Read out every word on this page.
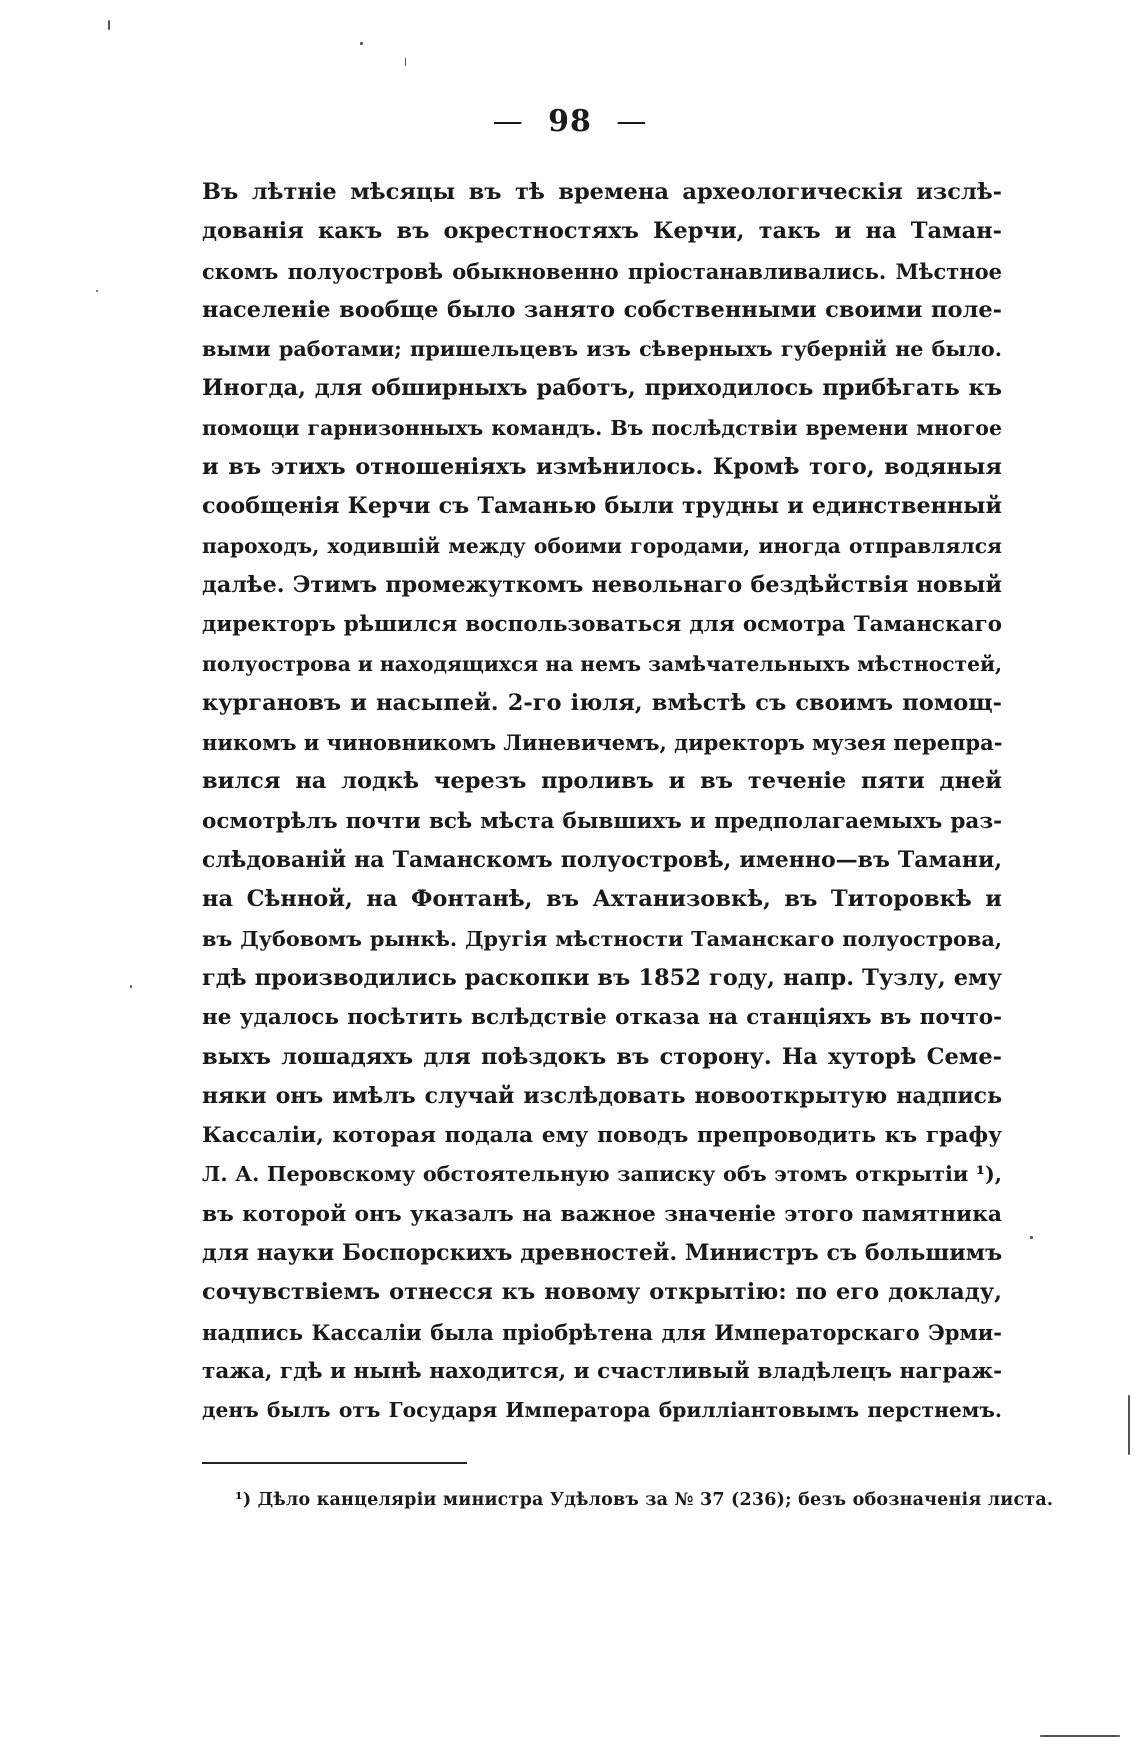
— 98 —
Въ лѣтніе мѣсяцы въ тѣ времена археологическія изслѣ-
дованія какъ въ окрестностяхъ Керчи, такъ и на Таман-
скомъ полуостровѣ обыкновенно пріостанавливались. Мѣстное
населеніе вообще было занято собственными своими поле-
выми работами; пришельцевъ изъ сѣверныхъ губерній не было.
Иногда, для обширныхъ работъ, приходилось прибѣгать къ
помощи гарнизонныхъ командъ. Въ послѣдствіи времени многое
и въ этихъ отношеніяхъ измѣнилось. Кромѣ того, водяныя
сообщенія Керчи съ Таманью были трудны и единственный
пароходъ, ходившій между обоими городами, иногда отправлялся
далѣе. Этимъ промежуткомъ невольнаго бездѣйствія новый
директоръ рѣшился воспользоваться для осмотра Таманскаго
полуострова и находящихся на немъ замѣчательныхъ мѣстностей,
кургановъ и насыпей. 2-го іюля, вмѣстѣ съ своимъ помощ-
никомъ и чиновникомъ Линевичемъ, директоръ музея перепра-
вился на лодкѣ черезъ проливъ и въ теченіе пяти дней
осмотрѣлъ почти всѣ мѣста бывшихъ и предполагаемыхъ раз-
слѣдованій на Таманскомъ полуостровѣ, именно—въ Тамани,
на Сѣнной, на Фонтанѣ, въ Ахтанизовкѣ, въ Титоровкѣ и
въ Дубовомъ рынкѣ. Другія мѣстности Таманскаго полуострова,
гдѣ производились раскопки въ 1852 году, напр. Тузлу, ему
не удалось посѣтить вслѣдствіе отказа на станціяхъ въ почто-
выхъ лошадяхъ для поѣздокъ въ сторону. На хуторѣ Семе-
няки онъ имѣлъ случай изслѣдовать новооткрытую надпись
Кассаліи, которая подала ему поводъ препроводить къ графу
Л. А. Перовскому обстоятельную записку объ этомъ открытіи ¹),
въ которой онъ указалъ на важное значеніе этого памятника
для науки Боспорскихъ древностей. Министръ съ большимъ
сочувствіемъ отнесся къ новому открытію: по его докладу,
надпись Кассаліи была пріобрѣтена для Императорскаго Эрми-
тажа, гдѣ и нынѣ находится, и счастливый владѣлецъ награж-
денъ былъ отъ Государя Императора бриллiантовымъ перстнемъ.
¹) Дѣло канцеляріи министра Удѣловъ за № 37 (236); безъ обозначенія листа.
